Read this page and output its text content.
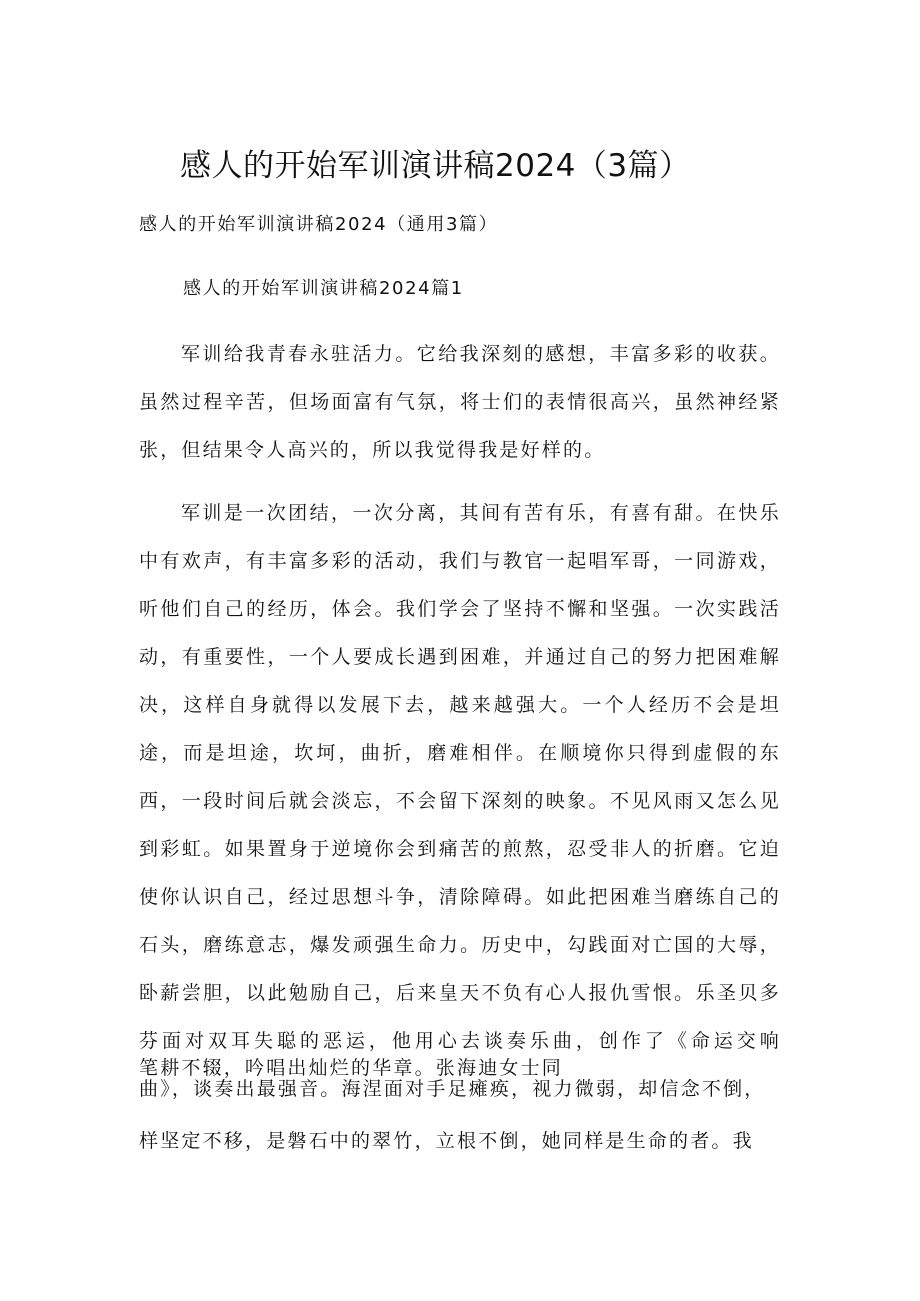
感人的开始军训演讲稿2024（3篇）
感人的开始军训演讲稿2024（通用3篇）
感人的开始军训演讲稿2024篇1

军训给我青春永驻活力。它给我深刻的感想，丰富多彩的收获。虽然过程辛苦，但场面富有气氛，将士们的表情很高兴，虽然神经紧张，但结果令人高兴的，所以我觉得我是好样的。

军训是一次团结，一次分离，其间有苦有乐，有喜有甜。在快乐中有欢声，有丰富多彩的活动，我们与教官一起唱军哥，一同游戏，听他们自己的经历，体会。我们学会了坚持不懈和坚强。一次实践活动，有重要性，一个人要成长遇到困难，并通过自己的努力把困难解决，这样自身就得以发展下去，越来越强大。一个人经历不会是坦途，而是坦途，坎坷，曲折，磨难相伴。在顺境你只得到虚假的东西，一段时间后就会淡忘，不会留下深刻的映象。不见风雨又怎么见到彩虹。如果置身于逆境你会到痛苦的煎熬，忍受非人的折磨。它迫使你认识自己，经过思想斗争，清除障碍。如此把困难当磨练自己的石头，磨练意志，爆发顽强生命力。历史中，勾践面对亡国的大辱，卧薪尝胆，以此勉励自己，后来皇天不负有心人报仇雪恨。乐圣贝多芬面对双耳失聪的恶运，他用心去谈奏乐曲，创作了《命运交响曲》，谈奏出最强音。海涅面对手足瘫痪，视力微弱，却信念不倒，

笔耕不辍，吟唱出灿烂的华章。张海迪女士同
样坚定不移，是磐石中的翠竹，立根不倒，她同样是生命的者。我
